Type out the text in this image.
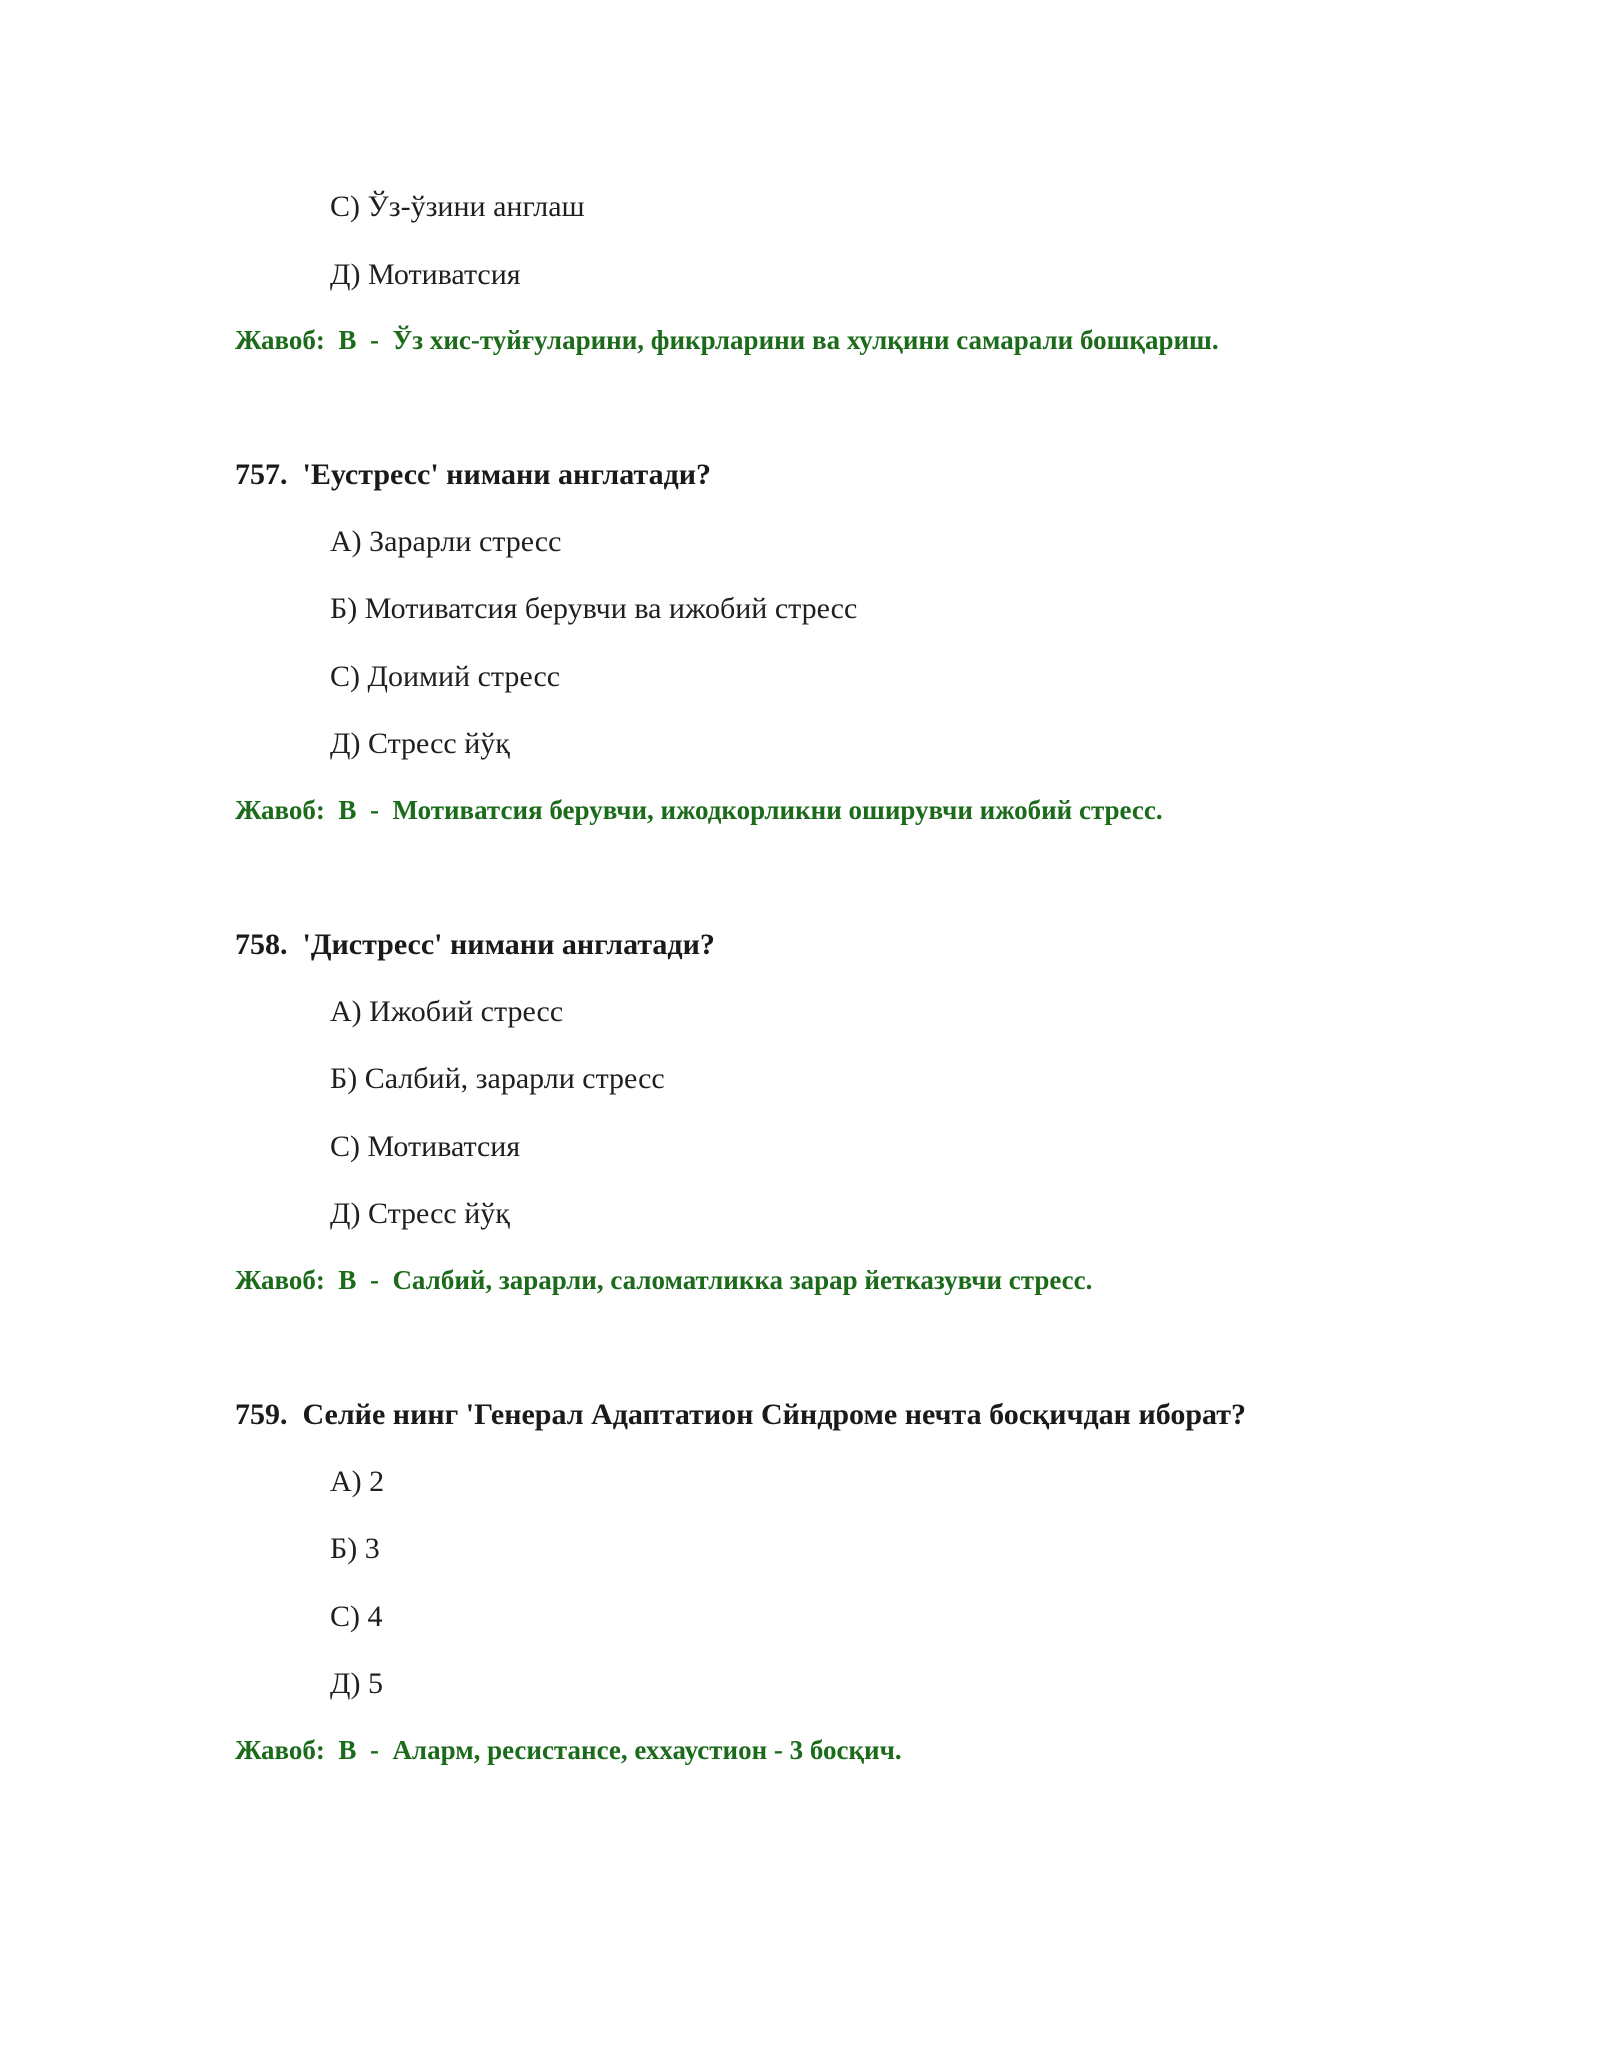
С) Ўз-ўзини англаш
Д) Мотиватсия
Жавоб: В - Ўз хис-туйғуларини, фикрларини ва хулқини самарали бошқариш.
757. 'Еустресс' нимани англатади?
А) Зарарли стресс
Б) Мотиватсия берувчи ва ижобий стресс
С) Доимий стресс
Д) Стресс йўқ
Жавоб: В - Мотиватсия берувчи, ижодкорликни оширувчи ижобий стресс.
758. 'Дистресс' нимани англатади?
А) Ижобий стресс
Б) Салбий, зарарли стресс
С) Мотиватсия
Д) Стресс йўқ
Жавоб: В - Салбий, зарарли, саломатликка зарар йетказувчи стресс.
759. Селйе нинг 'Генерал Адаптатион Сйндроме нечта босқичдан иборат?
А) 2
Б) 3
С) 4
Д) 5
Жавоб: В - Аларм, ресистансе, еххаустион - 3 босқич.
